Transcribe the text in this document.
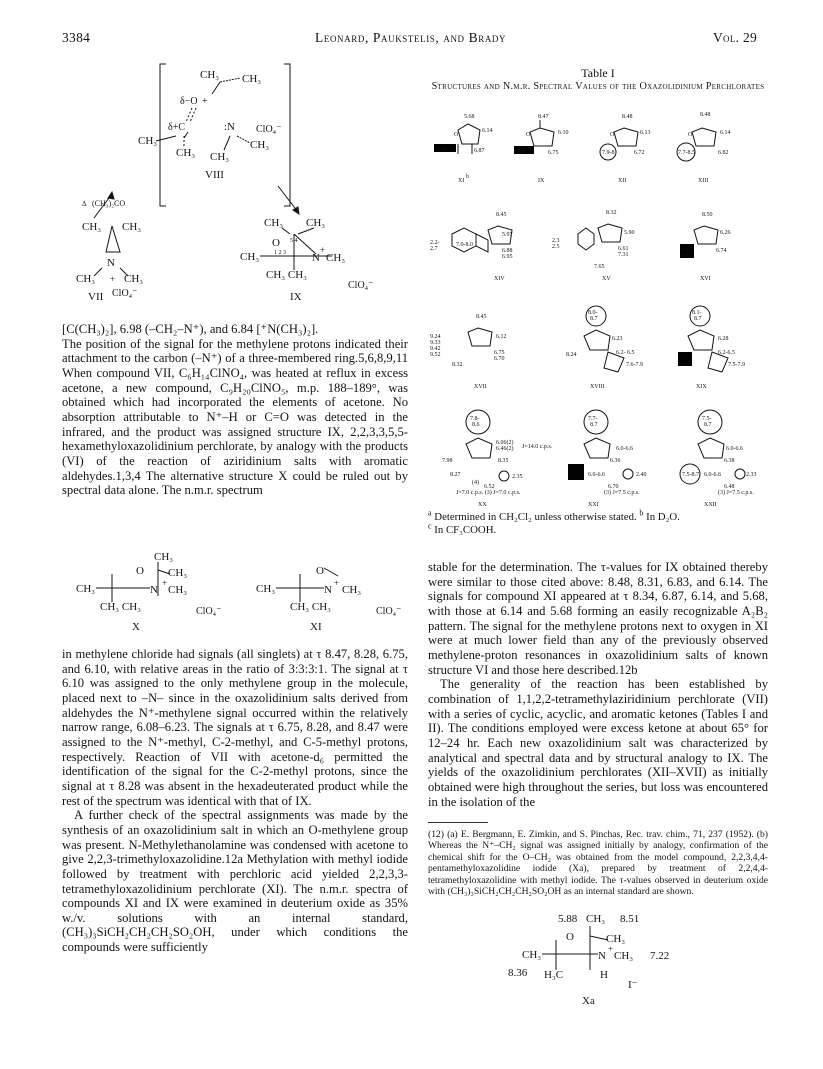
3384	Leonard, Paukstelis, and Brady	Vol. 29
CH₃ CH₃
δ−O +
δ+C	:N ClO₄⁻
CH₃	CH₃
CH₃ CH₃
VIII
Δ (CH₃)₂CO
CH₃ CH₃
N
CH₃ + CH₃
ClO₄⁻
VII
CH₃ CH₃
O 5 4
CH₃ 1 2 3 N
+
CH₃
CH₃ CH₃
ClO₄⁻
IX

[C(CH₃)₂], 6.98 (–CH₂–N⁺), and 6.84 [⁺N(CH₃)₂].

The position of the signal for the methylene protons indicated their attachment to the carbon (–N⁺) of a three-membered ring.5,6,8,9,11 When compound VII, C₆H₁₄ClNO₄, was heated at reflux in excess acetone, a new compound, C₉H₂₀ClNO₅, m.p. 188–189°, was obtained which had incorporated the elements of acetone. No absorption attributable to N⁺–H or C=O was detected in the infrared, and the product was assigned structure IX, 2,2,3,3,5,5-hexamethyloxazolidinium perchlorate, by analogy with the products (VI) of the reaction of aziridinium salts with aromatic aldehydes.1,3,4 The alternative structure X could be ruled out by spectral data alone. The n.m.r. spectrum

CH₃
O CH₃
CH₃	N
+
CH₃
CH₃ CH₃	ClO₄⁻
X
O
CH₃	N
+
CH₃
CH₃ CH₃	ClO₄⁻
XI

in methylene chloride had signals (all singlets) at τ 8.47, 8.28, 6.75, and 6.10, with relative areas in the ratio of 3:3:3:1. The signal at τ 6.10 was assigned to the only methylene group in the molecule, placed next to –N– since in the oxazolidinium salts derived from aldehydes the N⁺-methylene signal occurred within the relatively narrow range, 6.08–6.23. The signals at τ 6.75, 8.28, and 8.47 were assigned to the N⁺-methyl, C-2-methyl, and C-5-methyl protons, respectively. Reaction of VII with acetone-d₆ permitted the identification of the signal for the C-2-methyl protons, since the signal at τ 8.28 was absent in the hexadeuterated product while the rest of the spectrum was identical with that of IX.

A further check of the spectral assignments was made by the synthesis of an oxazolidinium salt in which an O-methylene group was present. N-Methylethanolamine was condensed with acetone to give 2,2,3-trimethyloxazolidine.12a Methylation with methyl iodide followed by treatment with perchloric acid yielded 2,2,3,3-tetramethyloxazolidinium perchlorate (XI). The n.m.r. spectra of compounds XI and IX were examined in deuterium oxide as 35% w./v. solutions with an internal standard, (CH₃)₃SiCH₂CH₂CH₂SO₂OH, under which conditions the compounds were sufficiently

Table I
Structures and N.m.r. Spectral Values of the Oxazolidinium Perchlorates
5.68
O
6.14
8.34	6.87
XI
b
8.47
O	6.10
8.28	6.75
IX
8.48
O	6.13
7.9-8	6.72
XII
8.48
O	6.14
7.7-8.5	6.82
XIII
8.45
5.97
2.2-
2.7
7.0-8.0
6.88
6.95
XIV
8.32
5.90
2.3
2.5	6.61
7.31
7.65
XV
8.50
6.26
7.0-
8.0
6.74
XVI
8.45
6.12
9.24
9.33
9.42
9.52	6.75
6.70
8.32
XVII
8.0-
8.7
6.23
6.2- 6.5
8.24
7.6-7.9
XVIII
8.1-
8.7
6.28
6.2-6.5
7.5-7.9
XIX
7.8-
8.6
6.06(2)
6.46(2) J=14.0 c.p.s.
7.98	8.35
8.27	2.35
(4)
6.52
J=7.0 c.p.s. (3) J=7.0 c.p.s.
XX
7.7-
8.7
6.0-6.6
6.36
6.0-6.6	2.40
6.70
(3) J=7.5 c.p.s.
XXI
7.5-
8.7
6.0-6.6
6.38
7.5-8.7 6.0-6.6	2.33
6.48
(3) J=7.5 c.p.s.
XXII
$^a$ Determined in CH₂Cl₂ unless otherwise stated. $^b$ In D₂O.
$^c$ In CF₃COOH.

stable for the determination. The τ-values for IX obtained thereby were similar to those cited above: 8.48, 8.31, 6.83, and 6.14. The signals for compound XI appeared at τ 8.34, 6.87, 6.14, and 5.68, with those at 6.14 and 5.68 forming an easily recognizable A₂B₂ pattern. The signal for the methylene protons next to oxygen in XI were at much lower field than any of the previously observed methylene-proton resonances in oxazolidinium salts of known structure VI and those here described.12b

The generality of the reaction has been established by combination of 1,1,2,2-tetramethylaziridinium perchlorate (VII) with a series of cyclic, acyclic, and aromatic ketones (Tables I and II). The conditions employed were excess ketone at about 65° for 12–24 hr. Each new oxazolidinium salt was characterized by analytical and spectral data and by structural analogy to IX. The yields of the oxazolidinium perchlorates (XII–XVII) as initially obtained were high throughout the series, but loss was encountered in the isolation of the

(12) (a) E. Bergmann, E. Zimkin, and S. Pinchas, Rec. trav. chim., 71, 237 (1952). (b) Whereas the N⁺–CH₂ signal was assigned initially by analogy, confirmation of the chemical shift for the O–CH₂ was obtained from the model compound, 2,2,3,4,4-pentamethyloxazolidine iodide (Xa), prepared by treatment of 2,2,4,4-tetramethyloxazolidine with methyl iodide. The τ-values observed in deuterium oxide with (CH₃)₃SiCH₂CH₂CH₂SO₂OH as an internal standard are shown.
5.88 CH₃ 8.51
O	CH₃
CH₃	N
+
CH₃ 7.22
8.36 H₃C	H
I⁻
Xa
